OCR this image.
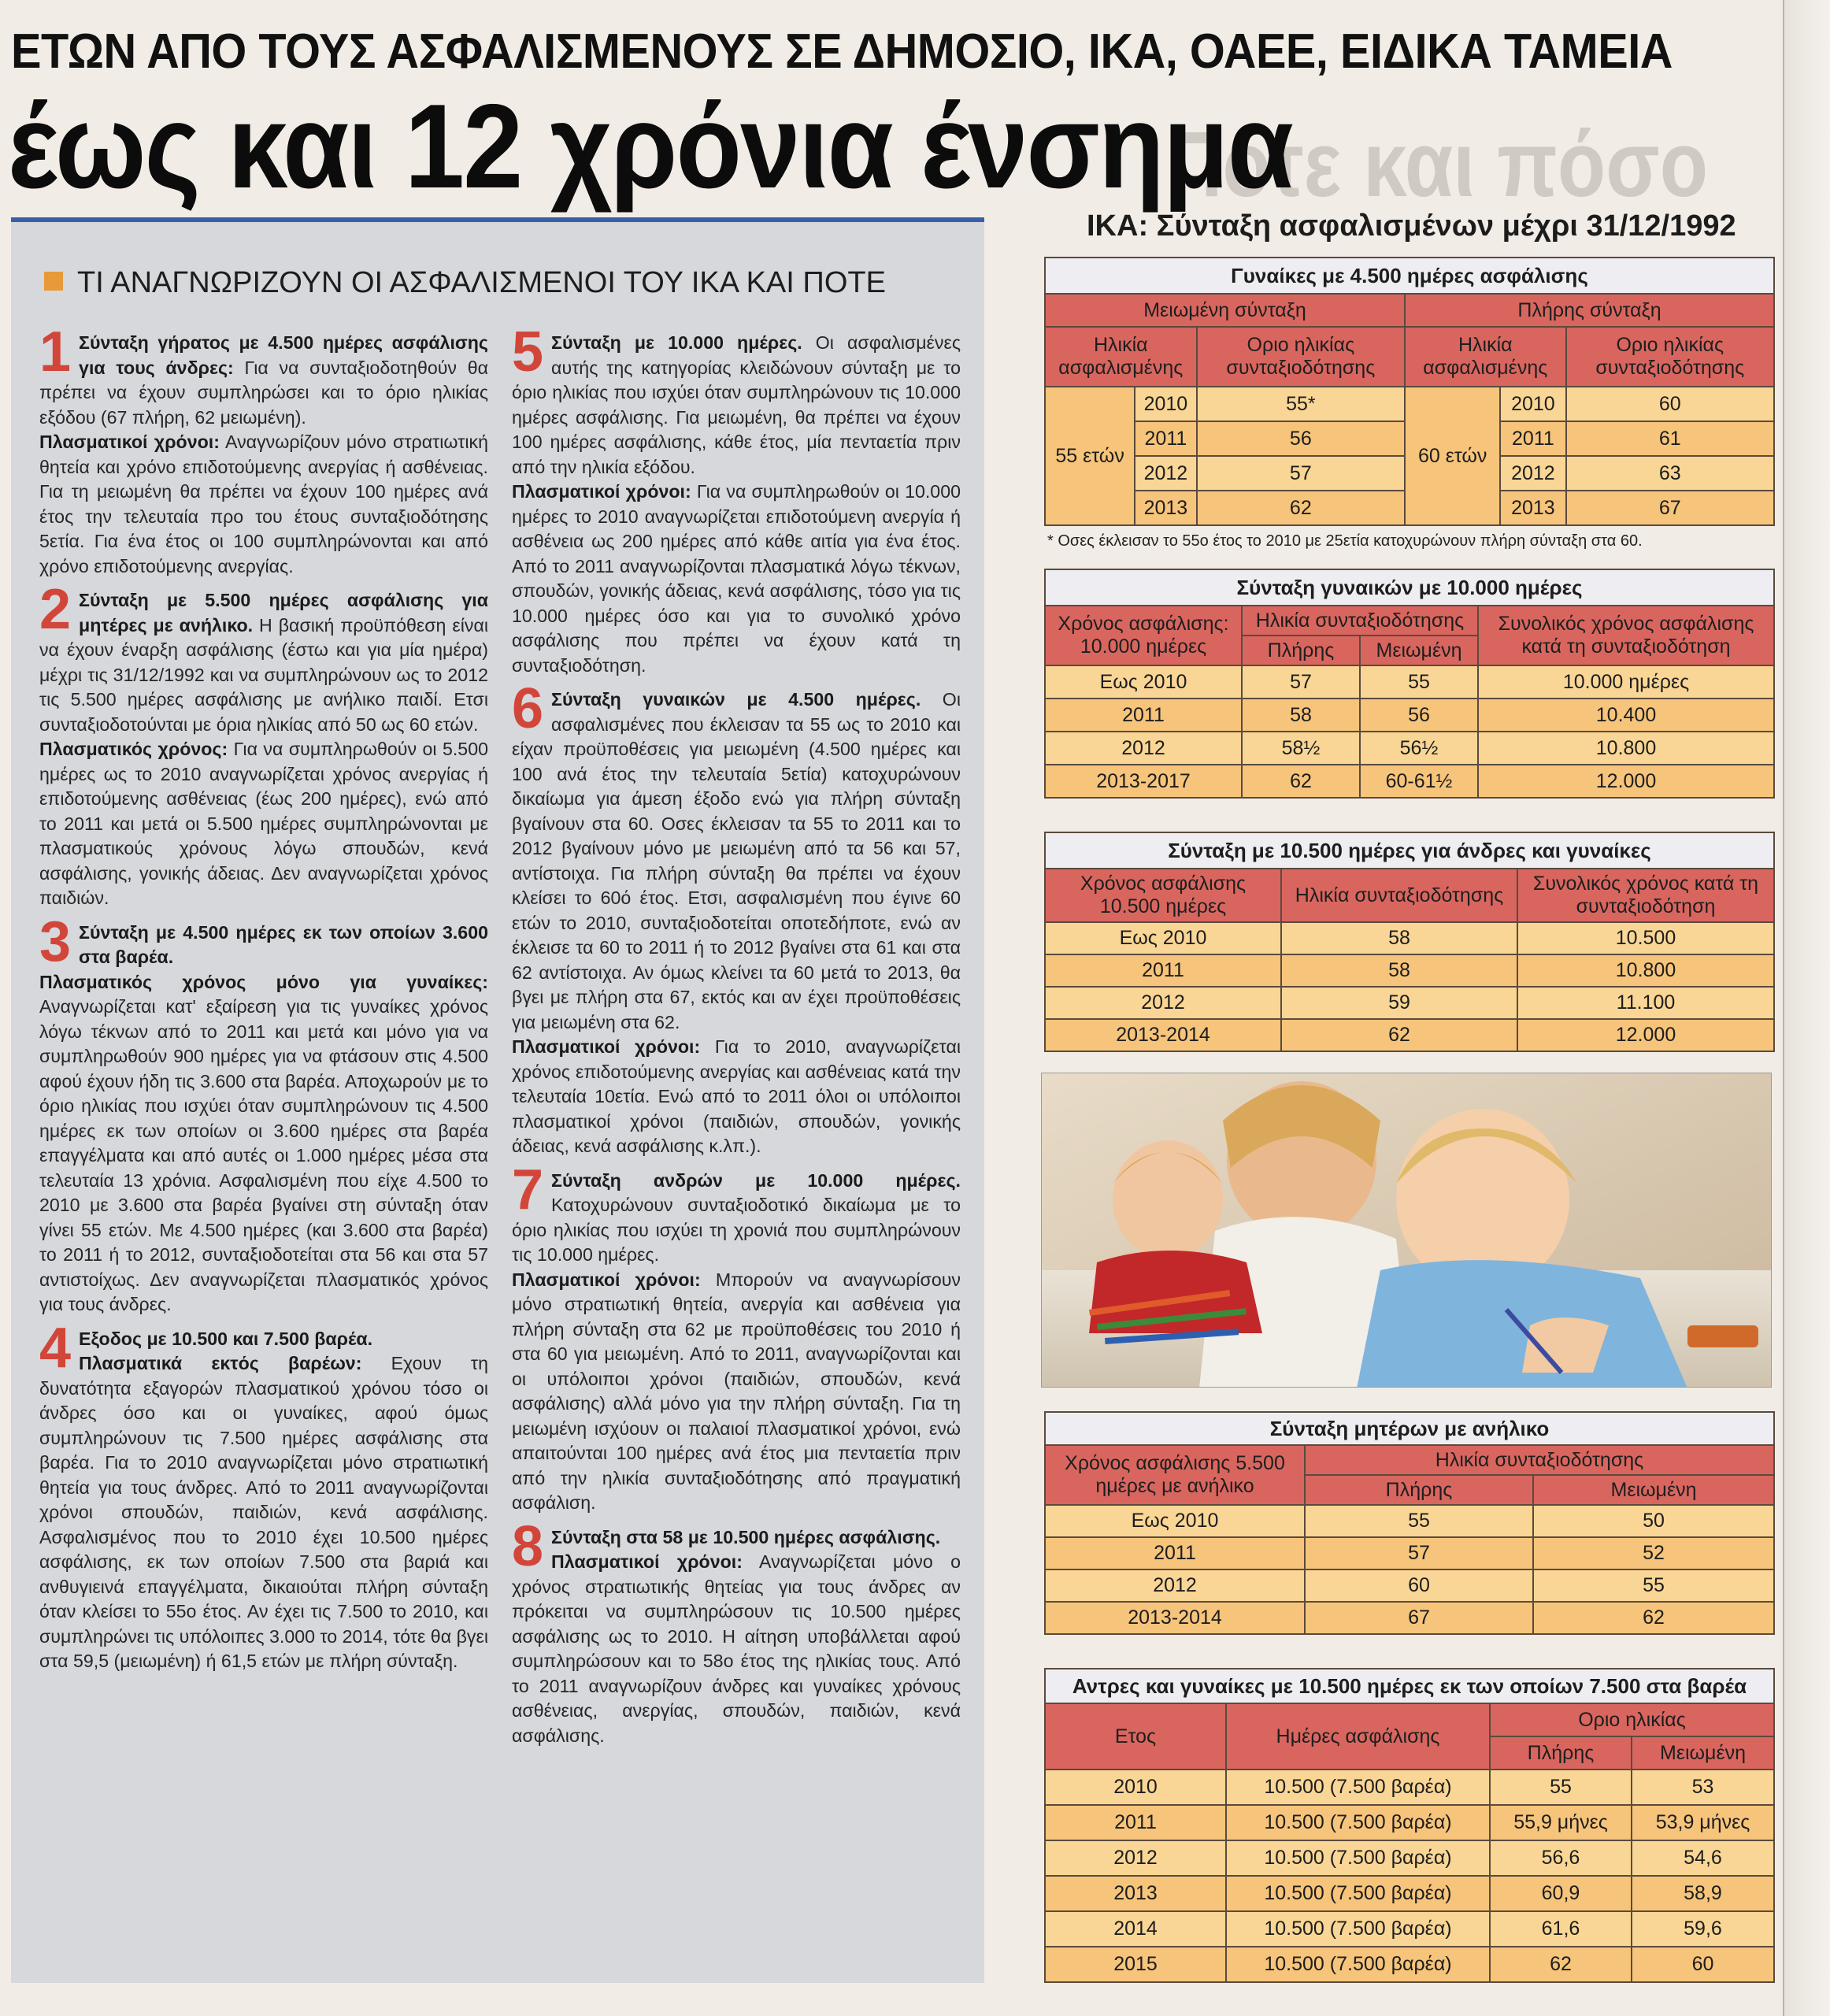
Πότε και πόσο
ΕΤΩΝ ΑΠΟ ΤΟΥΣ ΑΣΦΑΛΙΣΜΕΝΟΥΣ ΣΕ ΔΗΜΟΣΙΟ, ΙΚΑ, ΟΑΕΕ, ΕΙΔΙΚΑ ΤΑΜΕΙΑ
έως και 12 χρόνια ένσημα
ΤΙ ΑΝΑΓΝΩΡΙΖΟΥΝ ΟΙ ΑΣΦΑΛΙΣΜΕΝΟΙ ΤΟΥ ΙΚΑ ΚΑΙ ΠΟΤΕ
1 Σύνταξη γήρατος με 4.500 ημέρες ασφάλισης για τους άνδρες: Για να συνταξιοδοτηθούν θα πρέπει να έχουν συμπληρώσει και το όριο ηλικίας εξόδου (67 πλήρη, 62 μειωμένη).
Πλασματικοί χρόνοι: Αναγνωρίζουν μόνο στρατιωτική θητεία και χρόνο επιδοτούμενης ανεργίας ή ασθένειας. Για τη μειωμένη θα πρέπει να έχουν 100 ημέρες ανά έτος την τελευταία προ του έτους συνταξιοδότησης 5ετία. Για ένα έτος οι 100 συμπληρώνονται και από χρόνο επιδοτούμενης ανεργίας.
2 Σύνταξη με 5.500 ημέρες ασφάλισης για μητέρες με ανήλικο. Η βασική προϋπόθεση είναι να έχουν έναρξη ασφάλισης (έστω και για μία ημέρα) μέχρι τις 31/12/1992 και να συμπληρώνουν ως το 2012 τις 5.500 ημέρες ασφάλισης με ανήλικο παιδί. Ετσι συνταξιοδοτούνται με όρια ηλικίας από 50 ως 60 ετών.
Πλασματικός χρόνος: Για να συμπληρωθούν οι 5.500 ημέρες ως το 2010 αναγνωρίζεται χρόνος ανεργίας ή επιδοτούμενης ασθένειας (έως 200 ημέρες), ενώ από το 2011 και μετά οι 5.500 ημέρες συμπληρώνονται με πλασματικούς χρόνους λόγω σπουδών, κενά ασφάλισης, γονικής άδειας. Δεν αναγνωρίζεται χρόνος παιδιών.
3 Σύνταξη με 4.500 ημέρες εκ των οποίων 3.600 στα βαρέα.
Πλασματικός χρόνος μόνο για γυναίκες: Αναγνωρίζεται κατ' εξαίρεση για τις γυναίκες χρόνος λόγω τέκνων από το 2011 και μετά και μόνο για να συμπληρωθούν 900 ημέρες για να φτάσουν στις 4.500 αφού έχουν ήδη τις 3.600 στα βαρέα. Αποχωρούν με το όριο ηλικίας που ισχύει όταν συμπληρώνουν τις 4.500 ημέρες εκ των οποίων οι 3.600 ημέρες στα βαρέα επαγγέλματα και από αυτές οι 1.000 ημέρες μέσα στα τελευταία 13 χρόνια. Ασφαλισμένη που είχε 4.500 το 2010 με 3.600 στα βαρέα βγαίνει στη σύνταξη όταν γίνει 55 ετών. Με 4.500 ημέρες (και 3.600 στα βαρέα) το 2011 ή το 2012, συνταξιοδοτείται στα 56 και στα 57 αντιστοίχως. Δεν αναγνωρίζεται πλασματικός χρόνος για τους άνδρες.
4 Εξοδος με 10.500 και 7.500 βαρέα.
Πλασματικά εκτός βαρέων: Εχουν τη δυνατότητα εξαγορών πλασματικού χρόνου τόσο οι άνδρες όσο και οι γυναίκες, αφού όμως συμπληρώνουν τις 7.500 ημέρες ασφάλισης στα βαρέα. Για το 2010 αναγνωρίζεται μόνο στρατιωτική θητεία για τους άνδρες. Από το 2011 αναγνωρίζονται χρόνοι σπουδών, παιδιών, κενά ασφάλισης. Ασφαλισμένος που το 2010 έχει 10.500 ημέρες ασφάλισης, εκ των οποίων 7.500 στα βαριά και ανθυγιεινά επαγγέλματα, δικαιούται πλήρη σύνταξη όταν κλείσει το 55ο έτος. Αν έχει τις 7.500 το 2010, και συμπληρώνει τις υπόλοιπες 3.000 το 2014, τότε θα βγει στα 59,5 (μειωμένη) ή 61,5 ετών με πλήρη σύνταξη.
5 Σύνταξη με 10.000 ημέρες. Οι ασφαλισμένες αυτής της κατηγορίας κλειδώνουν σύνταξη με το όριο ηλικίας που ισχύει όταν συμπληρώνουν τις 10.000 ημέρες ασφάλισης. Για μειωμένη, θα πρέπει να έχουν 100 ημέρες ασφάλισης, κάθε έτος, μία πενταετία πριν από την ηλικία εξόδου.
Πλασματικοί χρόνοι: Για να συμπληρωθούν οι 10.000 ημέρες το 2010 αναγνωρίζεται επιδοτούμενη ανεργία ή ασθένεια ως 200 ημέρες από κάθε αιτία για ένα έτος. Από το 2011 αναγνωρίζονται πλασματικά λόγω τέκνων, σπουδών, γονικής άδειας, κενά ασφάλισης, τόσο για τις 10.000 ημέρες όσο και για το συνολικό χρόνο ασφάλισης που πρέπει να έχουν κατά τη συνταξιοδότηση.
6 Σύνταξη γυναικών με 4.500 ημέρες. Οι ασφαλισμένες που έκλεισαν τα 55 ως το 2010 και είχαν προϋποθέσεις για μειωμένη (4.500 ημέρες και 100 ανά έτος την τελευταία 5ετία) κατοχυρώνουν δικαίωμα για άμεση έξοδο ενώ για πλήρη σύνταξη βγαίνουν στα 60. Οσες έκλεισαν τα 55 το 2011 και το 2012 βγαίνουν μόνο με μειωμένη από τα 56 και 57, αντίστοιχα. Για πλήρη σύνταξη θα πρέπει να έχουν κλείσει το 60ό έτος. Ετσι, ασφαλισμένη που έγινε 60 ετών το 2010, συνταξιοδοτείται οποτεδήποτε, ενώ αν έκλεισε τα 60 το 2011 ή το 2012 βγαίνει στα 61 και στα 62 αντίστοιχα. Αν όμως κλείνει τα 60 μετά το 2013, θα βγει με πλήρη στα 67, εκτός και αν έχει προϋποθέσεις για μειωμένη στα 62.
Πλασματικοί χρόνοι: Για το 2010, αναγνωρίζεται χρόνος επιδοτούμενης ανεργίας και ασθένειας κατά την τελευταία 10ετία. Ενώ από το 2011 όλοι οι υπόλοιποι πλασματικοί χρόνοι (παιδιών, σπουδών, γονικής άδειας, κενά ασφάλισης κ.λπ.).
7 Σύνταξη ανδρών με 10.000 ημέρες. Κατοχυρώνουν συνταξιοδοτικό δικαίωμα με το όριο ηλικίας που ισχύει τη χρονιά που συμπληρώνουν τις 10.000 ημέρες.
Πλασματικοί χρόνοι: Μπορούν να αναγνωρίσουν μόνο στρατιωτική θητεία, ανεργία και ασθένεια για πλήρη σύνταξη στα 62 με προϋποθέσεις του 2010 ή στα 60 για μειωμένη. Από το 2011, αναγνωρίζονται και οι υπόλοιποι χρόνοι (παιδιών, σπουδών, κενά ασφάλισης) αλλά μόνο για την πλήρη σύνταξη. Για τη μειωμένη ισχύουν οι παλαιοί πλασματικοί χρόνοι, ενώ απαιτούνται 100 ημέρες ανά έτος μια πενταετία πριν από την ηλικία συνταξιοδότησης από πραγματική ασφάλιση.
8 Σύνταξη στα 58 με 10.500 ημέρες ασφάλισης.
Πλασματικοί χρόνοι: Αναγνωρίζεται μόνο ο χρόνος στρατιωτικής θητείας για τους άνδρες αν πρόκειται να συμπληρώσουν τις 10.500 ημέρες ασφάλισης ως το 2010. Η αίτηση υποβάλλεται αφού συμπληρώσουν και το 58ο έτος της ηλικίας τους. Από το 2011 αναγνωρίζουν άνδρες και γυναίκες χρόνους ασθένειας, ανεργίας, σπουδών, παιδιών, κενά ασφάλισης.
ΙΚΑ: Σύνταξη ασφαλισμένων μέχρι 31/12/1992
Γυναίκες με 4.500 ημέρες ασφάλισης					
Μειωμένη σύνταξη			Πλήρης σύνταξη		
Ηλικία ασφαλισμένης		Οριο ηλικίας συνταξιοδότησης	Ηλικία ασφαλισμένης		Οριο ηλικίας συνταξιοδότησης
55 ετών	2010	55*	60 ετών	2010	60
	2011	56		2011	61
	2012	57		2012	63
	2013	62		2013	67
* Οσες έκλεισαν το 55ο έτος το 2010 με 25ετία κατοχυρώνουν πλήρη σύνταξη στα 60.
Σύνταξη γυναικών με 10.000 ημέρες			
Χρόνος ασφάλισης: 10.000 ημέρες	Ηλικία συνταξιοδότησης		Συνολικός χρόνος ασφάλισης κατά τη συνταξιοδότηση
	Πλήρης	Μειωμένη	
Εως 2010	57	55	10.000 ημέρες
2011	58	56	10.400
2012	58½	56½	10.800
2013-2017	62	60-61½	12.000
Σύνταξη με 10.500 ημέρες για άνδρες και γυναίκες		
Χρόνος ασφάλισης 10.500 ημέρες	Ηλικία συνταξιοδότησης	Συνολικός χρόνος κατά τη συνταξιοδότηση
Εως 2010	58	10.500
2011	58	10.800
2012	59	11.100
2013-2014	62	12.000
Σύνταξη μητέρων με ανήλικο		
Χρόνος ασφάλισης 5.500 ημέρες με ανήλικο	Ηλικία συνταξιοδότησης	
	Πλήρης	Μειωμένη
Εως 2010	55	50
2011	57	52
2012	60	55
2013-2014	67	62
Αντρες και γυναίκες με 10.500 ημέρες εκ των οποίων 7.500 στα βαρέα			
Ετος	Ημέρες ασφάλισης	Οριο ηλικίας	
		Πλήρης	Μειωμένη
2010	10.500 (7.500 βαρέα)	55	53
2011	10.500 (7.500 βαρέα)	55,9 μήνες	53,9 μήνες
2012	10.500 (7.500 βαρέα)	56,6	54,6
2013	10.500 (7.500 βαρέα)	60,9	58,9
2014	10.500 (7.500 βαρέα)	61,6	59,6
2015	10.500 (7.500 βαρέα)	62	60
